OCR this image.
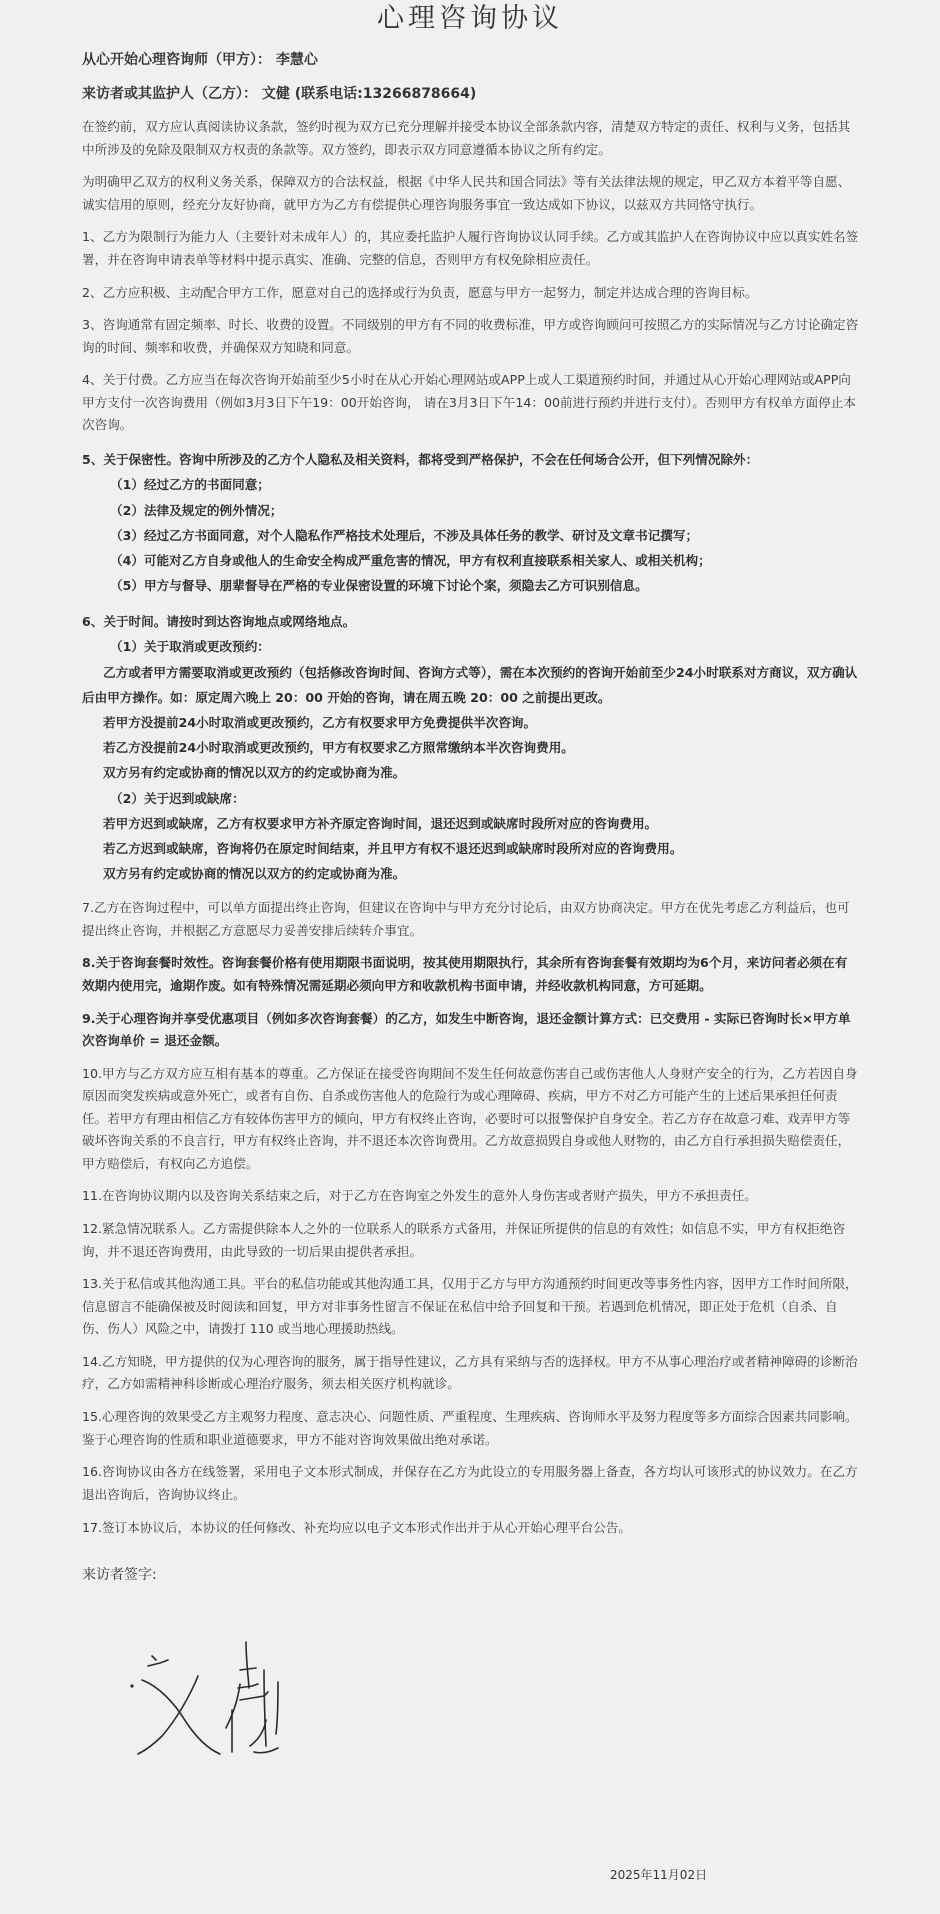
心理咨询协议
从心开始心理咨询师（甲方）： 李慧心
来访者或其监护人（乙方）： 文健 (联系电话:13266878664)

在签约前，双方应认真阅读协议条款，签约时视为双方已充分理解并接受本协议全部条款内容，清楚双方特定的责任、权利与义务，包括其中所涉及的免除及限制双方权责的条款等。双方签约，即表示双方同意遵循本协议之所有约定。

为明确甲乙双方的权利义务关系，保障双方的合法权益，根据《中华人民共和国合同法》等有关法律法规的规定，甲乙双方本着平等自愿、诚实信用的原则，经充分友好协商，就甲方为乙方有偿提供心理咨询服务事宜一致达成如下协议，以兹双方共同恪守执行。

1、乙方为限制行为能力人（主要针对未成年人）的，其应委托监护人履行咨询协议认同手续。乙方或其监护人在咨询协议中应以真实姓名签署，并在咨询申请表单等材料中提示真实、准确、完整的信息，否则甲方有权免除相应责任。

2、乙方应积极、主动配合甲方工作，愿意对自己的选择或行为负责，愿意与甲方一起努力，制定并达成合理的咨询目标。

3、咨询通常有固定频率、时长、收费的设置。不同级别的甲方有不同的收费标准，甲方或咨询顾问可按照乙方的实际情况与乙方讨论确定咨询的时间、频率和收费，并确保双方知晓和同意。

4、关于付费。乙方应当在每次咨询开始前至少5小时在从心开始心理网站或APP上或人工渠道预约时间，并通过从心开始心理网站或APP向甲方支付一次咨询费用（例如3月3日下午19：00开始咨询， 请在3月3日下午14：00前进行预约并进行支付）。否则甲方有权单方面停止本次咨询。

5、关于保密性。咨询中所涉及的乙方个人隐私及相关资料，都将受到严格保护，不会在任何场合公开，但下列情况除外：

（1）经过乙方的书面同意；

（2）法律及规定的例外情况；

（3）经过乙方书面同意，对个人隐私作严格技术处理后，不涉及具体任务的教学、研讨及文章书记撰写；

（4）可能对乙方自身或他人的生命安全构成严重危害的情况，甲方有权利直接联系相关家人、或相关机构；

（5）甲方与督导、朋辈督导在严格的专业保密设置的环境下讨论个案，须隐去乙方可识别信息。

6、关于时间。请按时到达咨询地点或网络地点。

（1）关于取消或更改预约：

乙方或者甲方需要取消或更改预约（包括修改咨询时间、咨询方式等），需在本次预约的咨询开始前至少24小时联系对方商议，双方确认后由甲方操作。如：原定周六晚上 20：00 开始的咨询，请在周五晚 20：00 之前提出更改。

若甲方没提前24小时取消或更改预约，乙方有权要求甲方免费提供半次咨询。

若乙方没提前24小时取消或更改预约，甲方有权要求乙方照常缴纳本半次咨询费用。

双方另有约定或协商的情况以双方的约定或协商为准。

（2）关于迟到或缺席：

若甲方迟到或缺席，乙方有权要求甲方补齐原定咨询时间，退还迟到或缺席时段所对应的咨询费用。

若乙方迟到或缺席，咨询将仍在原定时间结束，并且甲方有权不退还迟到或缺席时段所对应的咨询费用。

双方另有约定或协商的情况以双方的约定或协商为准。

7.乙方在咨询过程中，可以单方面提出终止咨询，但建议在咨询中与甲方充分讨论后，由双方协商决定。甲方在优先考虑乙方利益后，也可提出终止咨询，并根据乙方意愿尽力妥善安排后续转介事宜。

8.关于咨询套餐时效性。咨询套餐价格有使用期限书面说明，按其使用期限执行，其余所有咨询套餐有效期均为6个月，来访问者必须在有效期内使用完，逾期作废。如有特殊情况需延期必须向甲方和收款机构书面申请，并经收款机构同意，方可延期。

9.关于心理咨询并享受优惠项目（例如多次咨询套餐）的乙方，如发生中断咨询，退还金额计算方式：已交费用 - 实际已咨询时长×甲方单次咨询单价 = 退还金额。

10.甲方与乙方双方应互相有基本的尊重。乙方保证在接受咨询期间不发生任何故意伤害自己或伤害他人人身财产安全的行为，乙方若因自身原因而突发疾病或意外死亡，或者有自伤、自杀或伤害他人的危险行为或心理障碍、疾病，甲方不对乙方可能产生的上述后果承担任何责任。若甲方有理由相信乙方有较体伤害甲方的倾向，甲方有权终止咨询，必要时可以报警保护自身安全。若乙方存在故意刁难、戏弄甲方等破坏咨询关系的不良言行，甲方有权终止咨询，并不退还本次咨询费用。乙方故意损毁自身或他人财物的，由乙方自行承担损失赔偿责任，甲方赔偿后，有权向乙方追偿。

11.在咨询协议期内以及咨询关系结束之后，对于乙方在咨询室之外发生的意外人身伤害或者财产损失，甲方不承担责任。

12.紧急情况联系人。乙方需提供除本人之外的一位联系人的联系方式备用，并保证所提供的信息的有效性；如信息不实，甲方有权拒绝咨询，并不退还咨询费用，由此导致的一切后果由提供者承担。

13.关于私信或其他沟通工具。平台的私信功能或其他沟通工具，仅用于乙方与甲方沟通预约时间更改等事务性内容，因甲方工作时间所限，信息留言不能确保被及时阅读和回复，甲方对非事务性留言不保证在私信中给予回复和干预。若遇到危机情况，即正处于危机（自杀、自伤、伤人）风险之中，请拨打 110 或当地心理援助热线。

14.乙方知晓，甲方提供的仅为心理咨询的服务，属于指导性建议，乙方具有采纳与否的选择权。甲方不从事心理治疗或者精神障碍的诊断治疗，乙方如需精神科诊断或心理治疗服务，须去相关医疗机构就诊。

15.心理咨询的效果受乙方主观努力程度、意志决心、问题性质、严重程度、生理疾病、咨询师水平及努力程度等多方面综合因素共同影响。鉴于心理咨询的性质和职业道德要求，甲方不能对咨询效果做出绝对承诺。

16.咨询协议由各方在线签署，采用电子文本形式制成，并保存在乙方为此设立的专用服务器上备查，各方均认可该形式的协议效力。在乙方退出咨询后，咨询协议终止。

17.签订本协议后，本协议的任何修改、补充均应以电子文本形式作出并于从心开始心理平台公告。

来访者签字:
2025年11月02日
